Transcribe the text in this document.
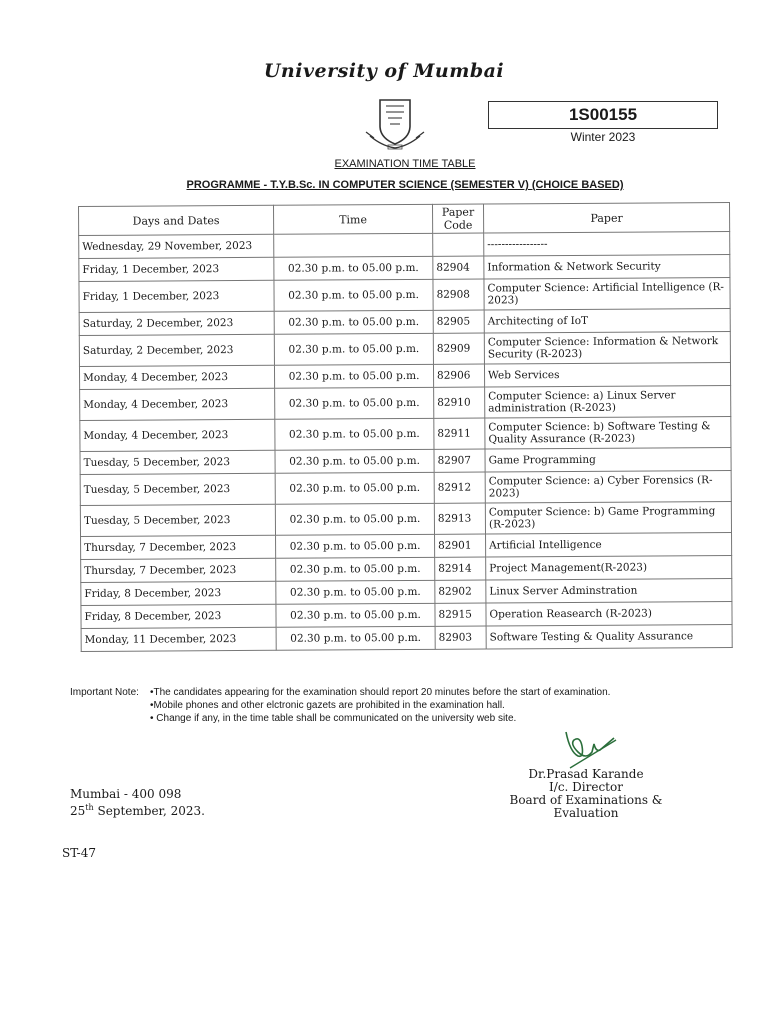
University of Mumbai
1S00155
Winter 2023
EXAMINATION TIME TABLE
PROGRAMME - T.Y.B.Sc. IN COMPUTER SCIENCE (SEMESTER V) (CHOICE BASED)
Days and Dates	Time	Paper Code	Paper
Wednesday, 29 November, 2023			-----------------
Friday, 1 December, 2023	02.30 p.m. to 05.00 p.m.	82904	Information & Network Security
Friday, 1 December, 2023	02.30 p.m. to 05.00 p.m.	82908	Computer Science: Artificial Intelligence (R-2023)
Saturday, 2 December, 2023	02.30 p.m. to 05.00 p.m.	82905	Architecting of IoT
Saturday, 2 December, 2023	02.30 p.m. to 05.00 p.m.	82909	Computer Science: Information & Network Security (R-2023)
Monday, 4 December, 2023	02.30 p.m. to 05.00 p.m.	82906	Web Services
Monday, 4 December, 2023	02.30 p.m. to 05.00 p.m.	82910	Computer Science: a) Linux Server administration (R-2023)
Monday, 4 December, 2023	02.30 p.m. to 05.00 p.m.	82911	Computer Science: b) Software Testing & Quality Assurance (R-2023)
Tuesday, 5 December, 2023	02.30 p.m. to 05.00 p.m.	82907	Game Programming
Tuesday, 5 December, 2023	02.30 p.m. to 05.00 p.m.	82912	Computer Science: a) Cyber Forensics (R-2023)
Tuesday, 5 December, 2023	02.30 p.m. to 05.00 p.m.	82913	Computer Science: b) Game Programming (R-2023)
Thursday, 7 December, 2023	02.30 p.m. to 05.00 p.m.	82901	Artificial Intelligence
Thursday, 7 December, 2023	02.30 p.m. to 05.00 p.m.	82914	Project Management(R-2023)
Friday, 8 December, 2023	02.30 p.m. to 05.00 p.m.	82902	Linux Server Adminstration
Friday, 8 December, 2023	02.30 p.m. to 05.00 p.m.	82915	Operation Reasearch (R-2023)
Monday, 11 December, 2023	02.30 p.m. to 05.00 p.m.	82903	Software Testing & Quality Assurance
Important Note: •The candidates appearing for the examination should report 20 minutes before the start of examination.
•Mobile phones and other elctronic gazets are prohibited in the examination hall.
• Change if any, in the time table shall be communicated on the university web site.
Dr.Prasad Karande
I/c. Director
Board of Examinations & Evaluation
Mumbai - 400 098
25th September, 2023.
ST-47
